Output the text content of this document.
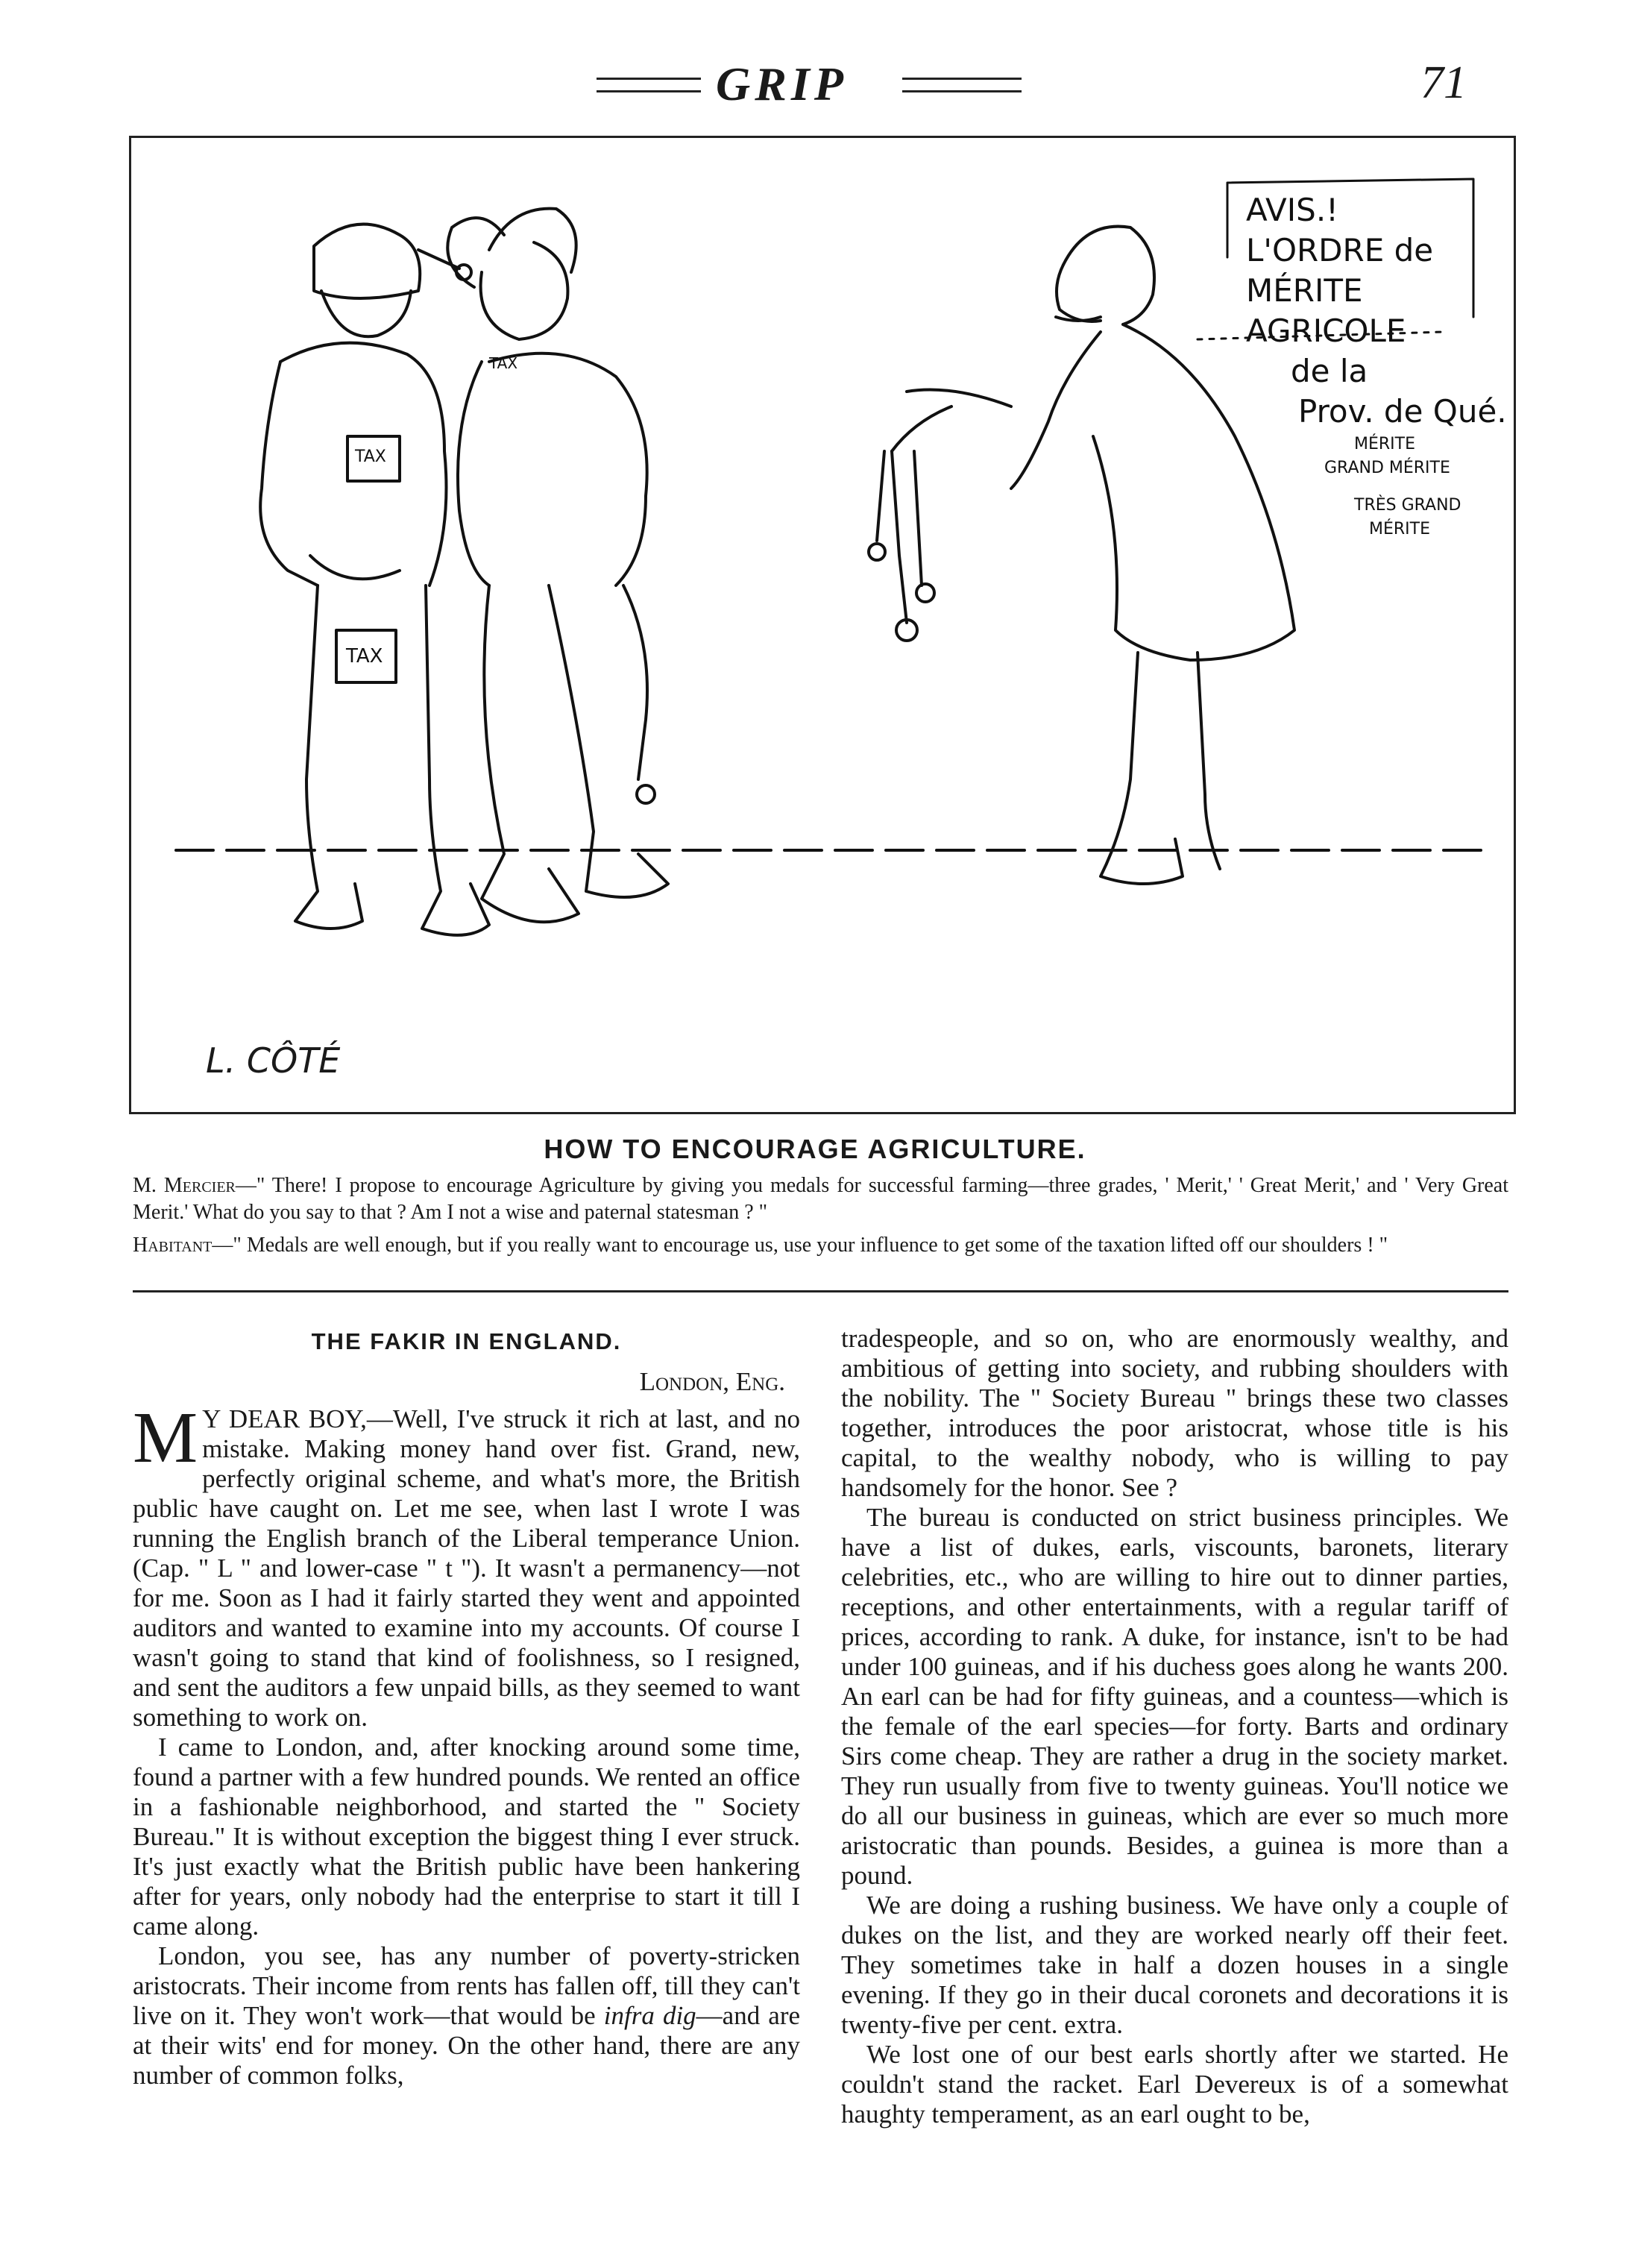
GRIP	71
AVIS.!
L'ORDRE de
MÉRITE
AGRICOLE
de la
Prov. de Qué.
MÉRITE
GRAND MÉRITE
TRÈS GRAND
MÉRITE
TAX
TAX
TAX
L. CÔTÉ
HOW TO ENCOURAGE AGRICULTURE.
M. Mercier—" There! I propose to encourage Agriculture by giving you medals for successful farming—three grades, ' Merit,' ' Great Merit,' and ' Very Great Merit.' What do you say to that ? Am I not a wise and paternal statesman ? "
Habitant—" Medals are well enough, but if you really want to encourage us, use your influence to get some of the taxation lifted off our shoulders ! "
THE FAKIR IN ENGLAND.
London, Eng.

M Y DEAR BOY,—Well, I've struck it rich at last, and no mistake. Making money hand over fist. Grand, new, perfectly original scheme, and what's more, the British public have caught on. Let me see, when last I wrote I was running the English branch of the Liberal temperance Union. (Cap. " L " and lower-case " t "). It wasn't a permanency—not for me. Soon as I had it fairly started they went and appointed auditors and wanted to examine into my accounts. Of course I wasn't going to stand that kind of foolishness, so I resigned, and sent the auditors a few unpaid bills, as they seemed to want something to work on.

I came to London, and, after knocking around some time, found a partner with a few hundred pounds. We rented an office in a fashionable neighborhood, and started the " Society Bureau." It is without exception the biggest thing I ever struck. It's just exactly what the British public have been hankering after for years, only nobody had the enterprise to start it till I came along.

London, you see, has any number of poverty-stricken aristocrats. Their income from rents has fallen off, till they can't live on it. They won't work—that would be infra dig—and are at their wits' end for money. On the other hand, there are any number of common folks,

tradespeople, and so on, who are enormously wealthy, and ambitious of getting into society, and rubbing shoulders with the nobility. The " Society Bureau " brings these two classes together, introduces the poor aristocrat, whose title is his capital, to the wealthy nobody, who is willing to pay handsomely for the honor. See ?

The bureau is conducted on strict business principles. We have a list of dukes, earls, viscounts, baronets, literary celebrities, etc., who are willing to hire out to dinner parties, receptions, and other entertainments, with a regular tariff of prices, according to rank. A duke, for instance, isn't to be had under 100 guineas, and if his duchess goes along he wants 200. An earl can be had for fifty guineas, and a countess—which is the female of the earl species—for forty. Barts and ordinary Sirs come cheap. They are rather a drug in the society market. They run usually from five to twenty guineas. You'll notice we do all our business in guineas, which are ever so much more aristocratic than pounds. Besides, a guinea is more than a pound.

We are doing a rushing business. We have only a couple of dukes on the list, and they are worked nearly off their feet. They sometimes take in half a dozen houses in a single evening. If they go in their ducal coronets and decorations it is twenty-five per cent. extra.

We lost one of our best earls shortly after we started. He couldn't stand the racket. Earl Devereux is of a somewhat haughty temperament, as an earl ought to be,
